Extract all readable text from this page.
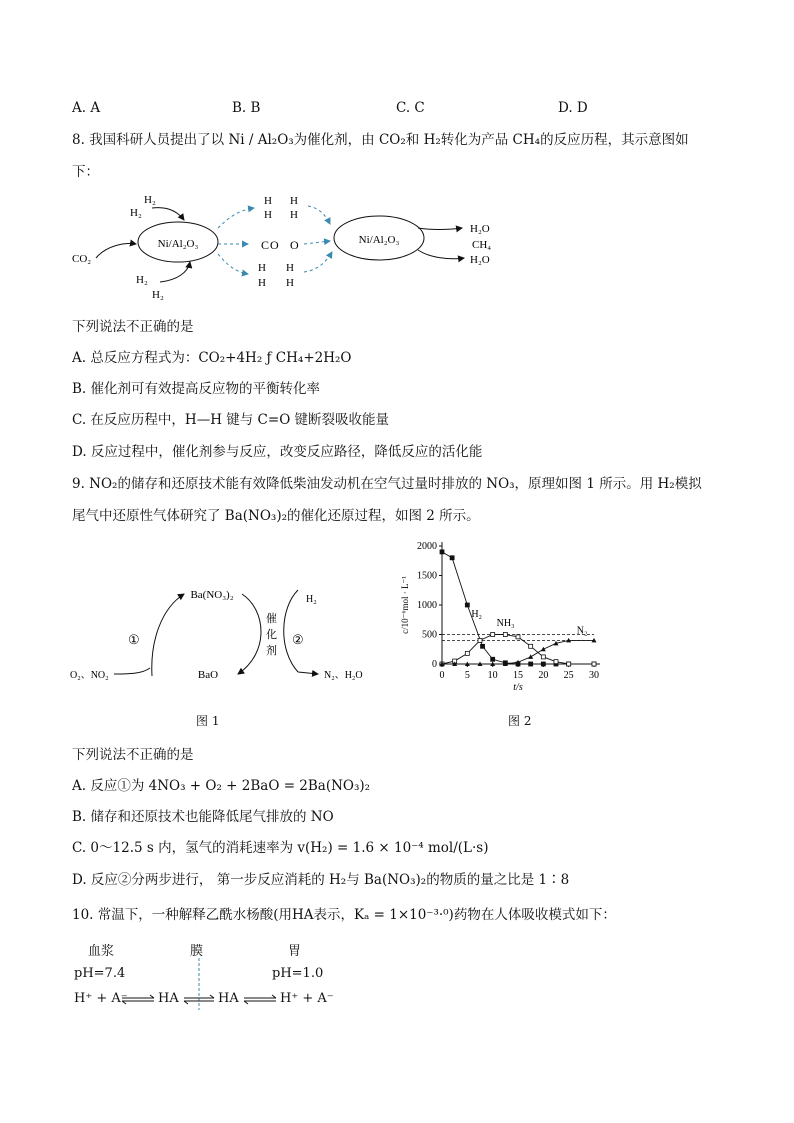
A. A	B. B	C. C	D. D
8. 我国科研人员提出了以 Ni / Al₂O₃为催化剂，由 CO₂和 H₂转化为产品 CH₄的反应历程，其示意图如
下：
Ni/Al₂O₃	Ni/Al₂O₃
H₂
H₂
CO₂
H₂
H₂
H H
H H
C O O
H H
H H
H₂O
CH₄
H₂O
下列说法不正确的是
A. 总反应方程式为：CO₂+4H₂ ƒ CH₄+2H₂O
B. 催化剂可有效提高反应物的平衡转化率
C. 在反应历程中，H—H 键与 C=O 键断裂吸收能量
D. 反应过程中，催化剂参与反应，改变反应路径，降低反应的活化能
9. NO₂的储存和还原技术能有效降低柴油发动机在空气过量时排放的 NO₃，原理如图 1 所示。用 H₂模拟
尾气中还原性气体研究了 Ba(NO₃)₂的催化还原过程，如图 2 所示。
Ba(NO₃)₂
BaO
O₂、NO₂
H₂
N₂、H₂O
①	②
催
化
剂
图 1
0 5 10 15 20 25 30
0
500
1000
1500
2000
t/s
c/10⁻⁶mol · L⁻¹	H₂
NH₃
N₂
图 2
下列说法不正确的是
A. 反应①为 4NO₃ + O₂ + 2BaO = 2Ba(NO₃)₂
B. 储存和还原技术也能降低尾气排放的 NO
C. 0～12.5 s 内，氢气的消耗速率为 v(H₂) = 1.6 × 10⁻⁴ mol/(L·s)
D. 反应②分两步进行， 第一步反应消耗的 H₂与 Ba(NO₃)₂的物质的量之比是 1∶8
10. 常温下，一种解释乙酰水杨酸(用HA表示，Kₐ = 1×10⁻³·⁰)药物在人体吸收模式如下：
血浆	膜	胃
pH=7.4	pH=1.0
H⁺ + A⁻ HA	HA	H⁺ + A⁻
